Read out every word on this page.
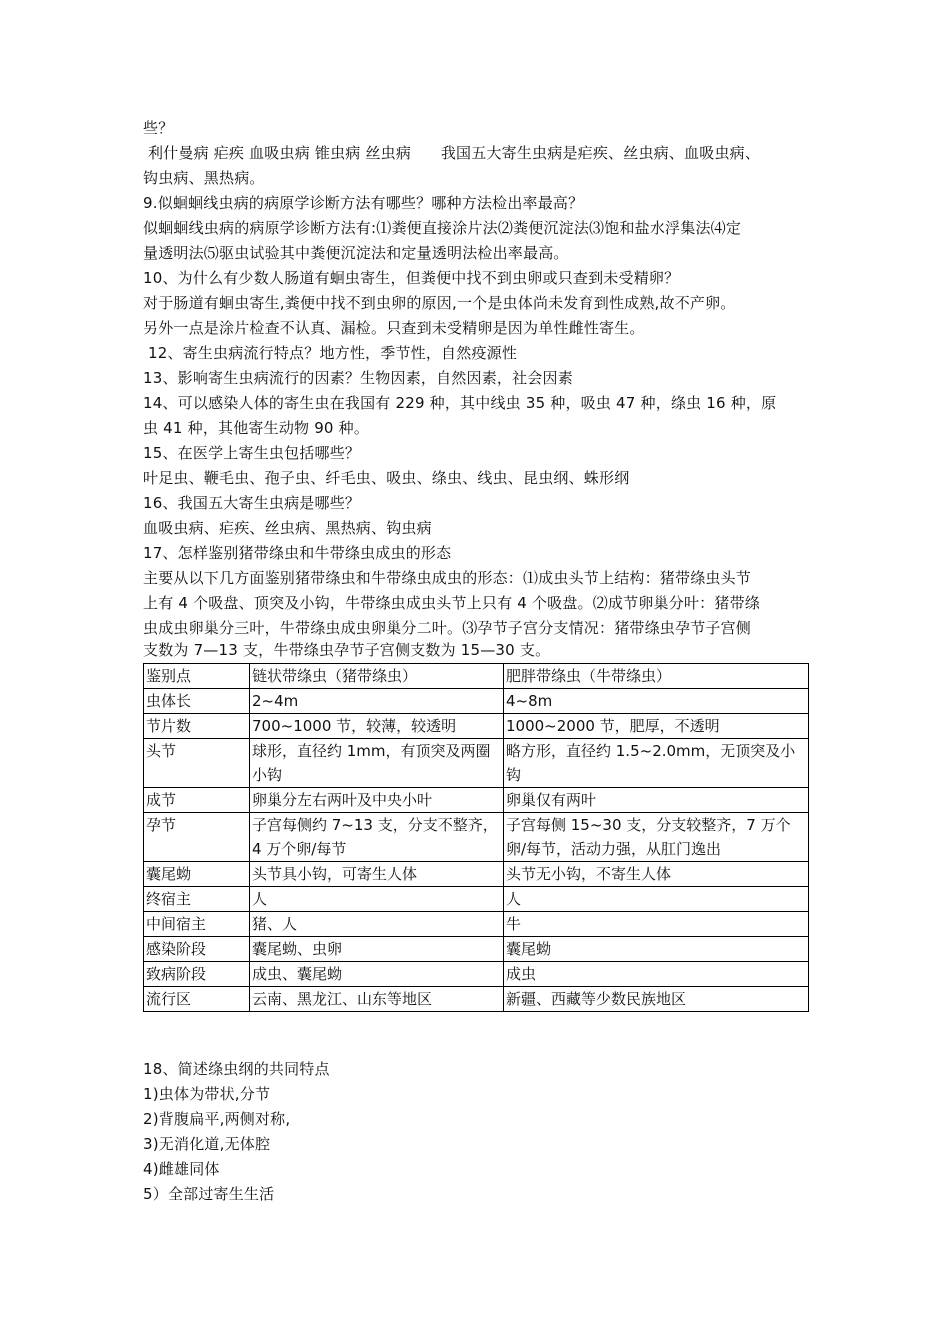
些？
利什曼病 疟疾 血吸虫病 锥虫病 丝虫病      我国五大寄生虫病是疟疾、丝虫病、血吸虫病、
钩虫病、黑热病。
9.似蛔蛔线虫病的病原学诊断方法有哪些？哪种方法检出率最高？
似蛔蛔线虫病的病原学诊断方法有:⑴粪便直接涂片法⑵粪便沉淀法⑶饱和盐水浮集法⑷定
量透明法⑸驱虫试验其中粪便沉淀法和定量透明法检出率最高。
10、为什么有少数人肠道有蛔虫寄生，但粪便中找不到虫卵或只查到未受精卵？
对于肠道有蛔虫寄生,粪便中找不到虫卵的原因,一个是虫体尚未发育到性成熟,故不产卵。
另外一点是涂片检查不认真、漏检。只查到未受精卵是因为单性雌性寄生。
12、寄生虫病流行特点？地方性，季节性，自然疫源性
13、影响寄生虫病流行的因素？生物因素，自然因素，社会因素
14、可以感染人体的寄生虫在我国有 229 种，其中线虫 35 种，吸虫 47 种，绦虫 16 种，原
虫 41 种，其他寄生动物 90 种。
15、在医学上寄生虫包括哪些？
叶足虫、鞭毛虫、孢子虫、纤毛虫、吸虫、绦虫、线虫、昆虫纲、蛛形纲
16、我国五大寄生虫病是哪些？
血吸虫病、疟疾、丝虫病、黑热病、钩虫病
17、怎样鉴别猪带绦虫和牛带绦虫成虫的形态
主要从以下几方面鉴别猪带绦虫和牛带绦虫成虫的形态：⑴成虫头节上结构：猪带绦虫头节
上有 4 个吸盘、顶突及小钩，牛带绦虫成虫头节上只有 4 个吸盘。⑵成节卵巢分叶：猪带绦
虫成虫卵巢分三叶，牛带绦虫成虫卵巢分二叶。⑶孕节子宫分支情况：猪带绦虫孕节子宫侧
支数为 7—13 支，牛带绦虫孕节子宫侧支数为 15—30 支。
鉴别点	链状带绦虫（猪带绦虫）	肥胖带绦虫（牛带绦虫）
虫体长	2~4m	4~8m
节片数	700~1000 节，较薄，较透明	1000~2000 节，肥厚，不透明
头节	球形，直径约 1mm，有顶突及两圈小钩	略方形，直径约 1.5~2.0mm，无顶突及小钩
成节	卵巢分左右两叶及中央小叶	卵巢仅有两叶
孕节	子宫每侧约 7~13 支，分支不整齐，4 万个卵/每节	子宫每侧 15~30 支，分支较整齐，7 万个卵/每节，活动力强，从肛门逸出
囊尾蚴	头节具小钩，可寄生人体	头节无小钩，不寄生人体
终宿主	人	人
中间宿主	猪、人	牛
感染阶段	囊尾蚴、虫卵	囊尾蚴
致病阶段	成虫、囊尾蚴	成虫
流行区	云南、黑龙江、山东等地区	新疆、西藏等少数民族地区
18、简述绦虫纲的共同特点
1)虫体为带状,分节
2)背腹扁平,两侧对称,
3)无消化道,无体腔
4)雌雄同体
5）全部过寄生生活
